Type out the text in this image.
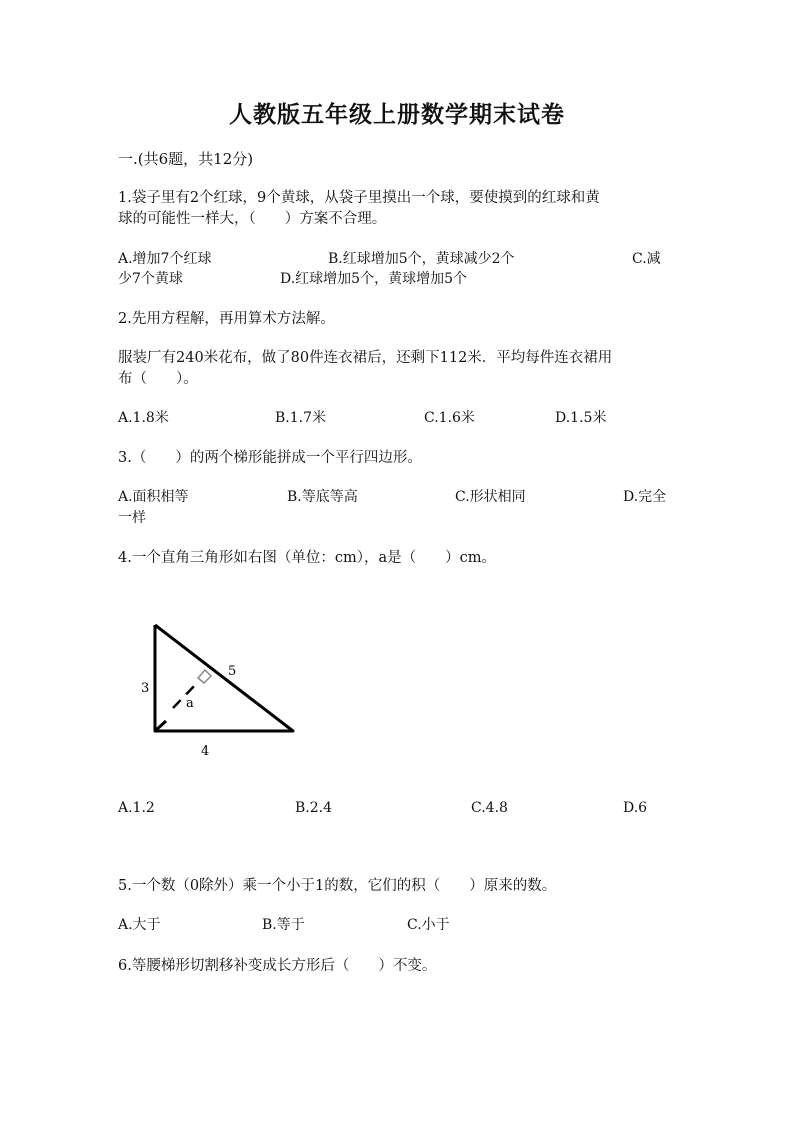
人教版五年级上册数学期末试卷
一.(共6题，共12分)
1.袋子里有2个红球，9个黄球，从袋子里摸出一个球，要使摸到的红球和黄
球的可能性一样大，（　　）方案不合理。
A.增加7个红球	B.红球增加5个，黄球减少2个	C.减
少7个黄球	D.红球增加5个，黄球增加5个
2.先用方程解，再用算术方法解。
服装厂有240米花布，做了80件连衣裙后，还剩下112米．平均每件连衣裙用
布（　　）。
A.1.8米	B.1.7米	C.1.6米	D.1.5米
3.（　　）的两个梯形能拼成一个平行四边形。
A.面积相等	B.等底等高	C.形状相同	D.完全
一样
4.一个直角三角形如右图（单位：cm），a是（　　）cm。
3
5
4
a
A.1.2	B.2.4	C.4.8	D.6
5.一个数（0除外）乘一个小于1的数，它们的积（　　）原来的数。
A.大于	B.等于	C.小于
6.等腰梯形切割移补变成长方形后（　　）不变。
